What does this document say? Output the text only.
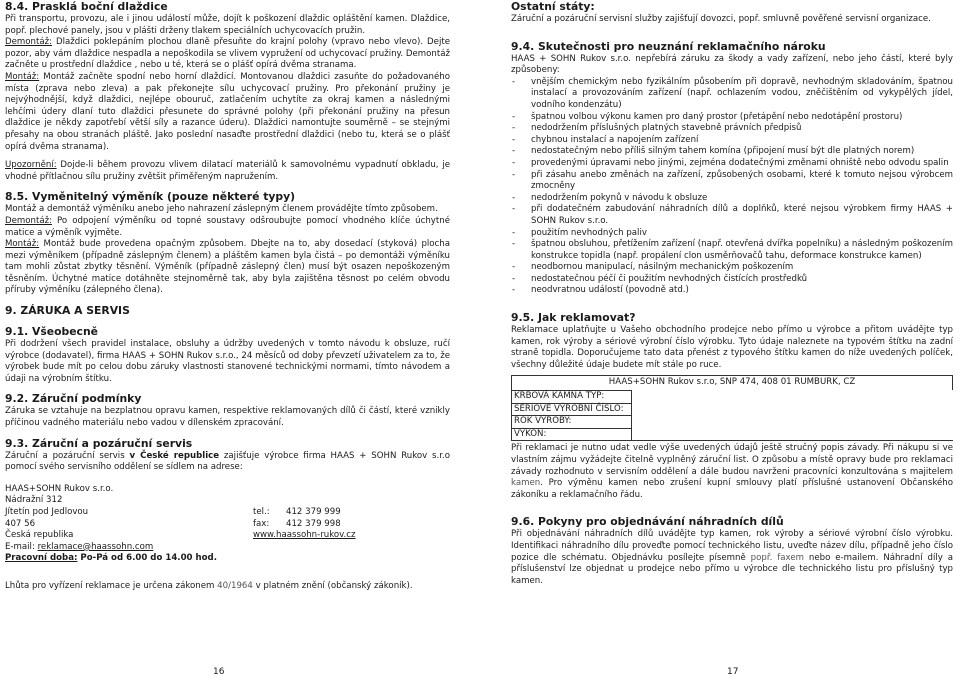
8.4. Prasklá boční dlaždice

Při transportu, provozu, ale i jinou událostí může, dojít k poškození dlaždic opláštění kamen. Dlaždice, popř. plechové panely, jsou v plášti drženy tlakem speciálních uchycovacích pružin.

Demontáž: Dlaždici poklepáním plochou dlaně přesuňte do krajní polohy (vpravo nebo vlevo). Dejte pozor, aby vám dlaždice nespadla a nepoškodila se vlivem vypružení od uchycovací pružiny. Demontáž začněte u prostřední dlaždice , nebo u té, která se o plášť opírá dvěma stranama.

Montáž: Montáž začněte spodní nebo horní dlaždicí. Montovanou dlaždici zasuňte do požadovaného místa (zprava nebo zleva) a pak překonejte sílu uchycovací pružiny. Pro překonání pružiny je nejvýhodnější, když dlaždici, nejlépe obouruč, zatlačením uchytíte za okraj kamen a následnými lehčími údery dlaní tuto dlaždici přesunete do správné polohy (při překonání pružiny na přesun dlaždice je někdy zapotřebí větší síly a razance úderu). Dlaždici namontujte souměrně – se stejnými přesahy na obou stranách pláště. Jako poslední nasaďte prostřední dlaždici (nebo tu, která se o plášť opírá dvěma stranama).

Upozornění: Dojde-li během provozu vlivem dilatací materiálů k samovolnému vypadnutí obkladu, je vhodné přítlačnou sílu pružiny zvětšit přiměřeným napružením.

8.5. Vyměnitelný výměník (pouze některé typy)

Montáž a demontáž výměníku anebo jeho nahrazení záslepným členem provádějte tímto způsobem.

Demontáž: Po odpojení výměníku od topné soustavy odšroubujte pomocí vhodného klíče úchytné matice a výměník vyjměte.

Montáž: Montáž bude provedena opačným způsobem. Dbejte na to, aby dosedací (styková) plocha mezi výměníkem (případně záslepným členem) a pláštěm kamen byla čistá – po demontáži výměníku tam mohli zůstat zbytky těsnění. Výměník (případně záslepný člen) musí být osazen nepoškozeným těsněním. Úchytné matice dotáhněte stejnoměrně tak, aby byla zajištěna těsnost po celém obvodu příruby výměníku (zálepného člena).

9. ZÁRUKA A SERVIS
9.1. Všeobecně

Při dodržení všech pravidel instalace, obsluhy a údržby uvedených v tomto návodu k obsluze, ručí výrobce (dodavatel), firma HAAS + SOHN Rukov s.r.o., 24 měsíců od doby převzetí uživatelem za to, že výrobek bude mít po celou dobu záruky vlastnosti stanovené technickými normami, tímto návodem a údaji na výrobním štítku.

9.2. Záruční podmínky

Záruka se vztahuje na bezplatnou opravu kamen, respektive reklamovaných dílů či částí, které vznikly příčinou vadného materiálu nebo vadou v dílenském zpracování.

9.3. Záruční a pozáruční servis

Záruční a pozáruční servis v České republice zajišťuje výrobce firma HAAS + SOHN Rukov s.r.o pomocí svého servisního oddělení se sídlem na adrese:

HAAS+SOHN Rukov s.r.o.
Nádražní 312
Jítetín pod Jedlovou	tel.:	412 379 999
407 56	fax:	412 379 998
Česká republika	www.haassohn-rukov.cz
E-mail: reklamace@haassohn.com
Pracovní doba: Po-Pá od 6.00 do 14.00 hod.

Lhůta pro vyřízení reklamace je určena zákonem 40/1964 v platném znění (občanský zákoník).

Ostatní státy:

Záruční a pozáruční servisní služby zajišťují dovozci, popř. smluvně pověřené servisní organizace.

9.4. Skutečnosti pro neuznání reklamačního nároku

HAAS + SOHN Rukov s.r.o. nepřebírá záruku za škody a vady zařízení, nebo jeho částí, které byly způsobeny:

- vnějším chemickým nebo fyzikálním působením při dopravě, nevhodným skladováním, špatnou instalací a provozováním zařízení (např. ochlazením vodou, zněčištěním od vykypělých jídel, vodního kondenzátu)
- špatnou volbou výkonu kamen pro daný prostor (přetápění nebo nedotápění prostoru)
- nedodržením příslušných platných stavebně právních předpisů
- chybnou instalací a napojením zařízení
- nedostatečným nebo příliš silným tahem komína (připojení musí být dle platných norem)
- provedenými úpravami nebo jinými, zejména dodatečnými změnami ohniště nebo odvodu spalin
- při zásahu anebo změnách na zařízení, způsobených osobami, které k tomuto nejsou výrobcem zmocněny
- nedodržením pokynů v návodu k obsluze
- při dodatečném zabudování náhradních dílů a doplňků, které nejsou výrobkem firmy HAAS + SOHN Rukov s.r.o.
- použitím nevhodných paliv
- špatnou obsluhou, přetížením zařízení (např. otevřená dvířka popelníku) a následným poškozením konstrukce topidla (např. propálení clon usměrňovačů tahu, deformace konstrukce kamen)
- neodbornou manipulací, násilným mechanickým poškozením
- nedostatečnou péčí či použitím nevhodných čistících prostředků
- neodvratnou událostí (povodně atd.)
9.5. Jak reklamovat?

Reklamace uplatňujte u Vašeho obchodního prodejce nebo přímo u výrobce a přitom uvádějte typ kamen, rok výroby a sériové výrobní číslo výrobku. Tyto údaje naleznete na typovém štítku na zadní straně topidla. Doporučujeme tato data přenést z typového štítku kamen do níže uvedených políček, všechny důležité údaje budete mít stále po ruce.

HAAS+SOHN Rukov s.r.o, SNP 474, 408 01 RUMBURK, CZ
KRBOVÁ KAMNA TYP:
SÉRIOVÉ VÝROBNÍ ČÍSLO:
ROK VÝROBY:
VÝKON:

Při reklamaci je nutno udat vedle výše uvedených údajů ještě stručný popis závady. Při nákupu si ve vlastním zájmu vyžádejte čitelně vyplněný záruční list. O způsobu a místě opravy bude pro reklamaci závady rozhodnuto v servisním oddělení a dále budou navrženi pracovníci konzultována s majitelem kamen. Pro výměnu kamen nebo zrušení kupní smlouvy platí příslušné ustanovení Občanského zákoníku a reklamačního řádu.

9.6. Pokyny pro objednávání náhradních dílů

Při objednávání náhradních dílů uvádějte typ kamen, rok výroby a sériové výrobní číslo výrobku. Identifikaci náhradního dílu proveďte pomocí technického listu, uveďte název dílu, případně jeho číslo pozice dle schématu. Objednávku posílejte písemně popř. faxem nebo e-mailem. Náhradní díly a příslušenství lze objednat u prodejce nebo přímo u výrobce dle technického listu pro příslušný typ kamen.

16	17
